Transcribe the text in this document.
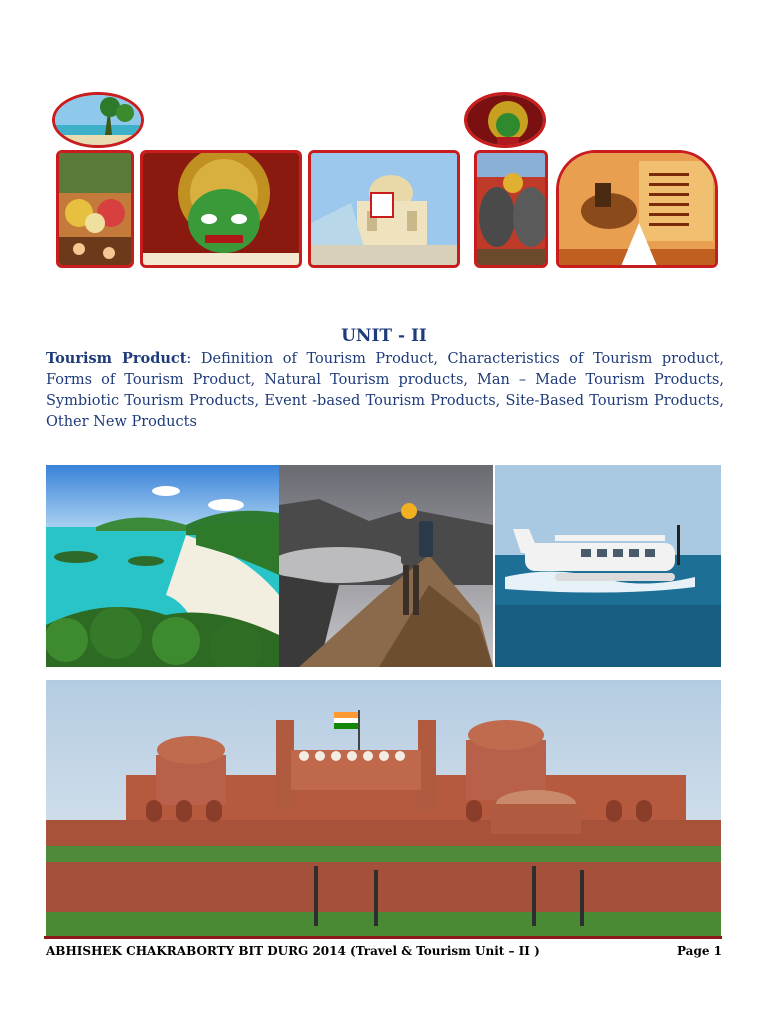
UNIT - II
Tourism Product: Definition of Tourism Product, Characteristics of Tourism product, Forms of Tourism Product, Natural Tourism products, Man – Made Tourism Products, Symbiotic Tourism Products, Event -based Tourism Products, Site-Based Tourism Products, Other New Products
ABHISHEK CHAKRABORTY BIT DURG 2014 (Travel & Tourism Unit – II )	Page 1
